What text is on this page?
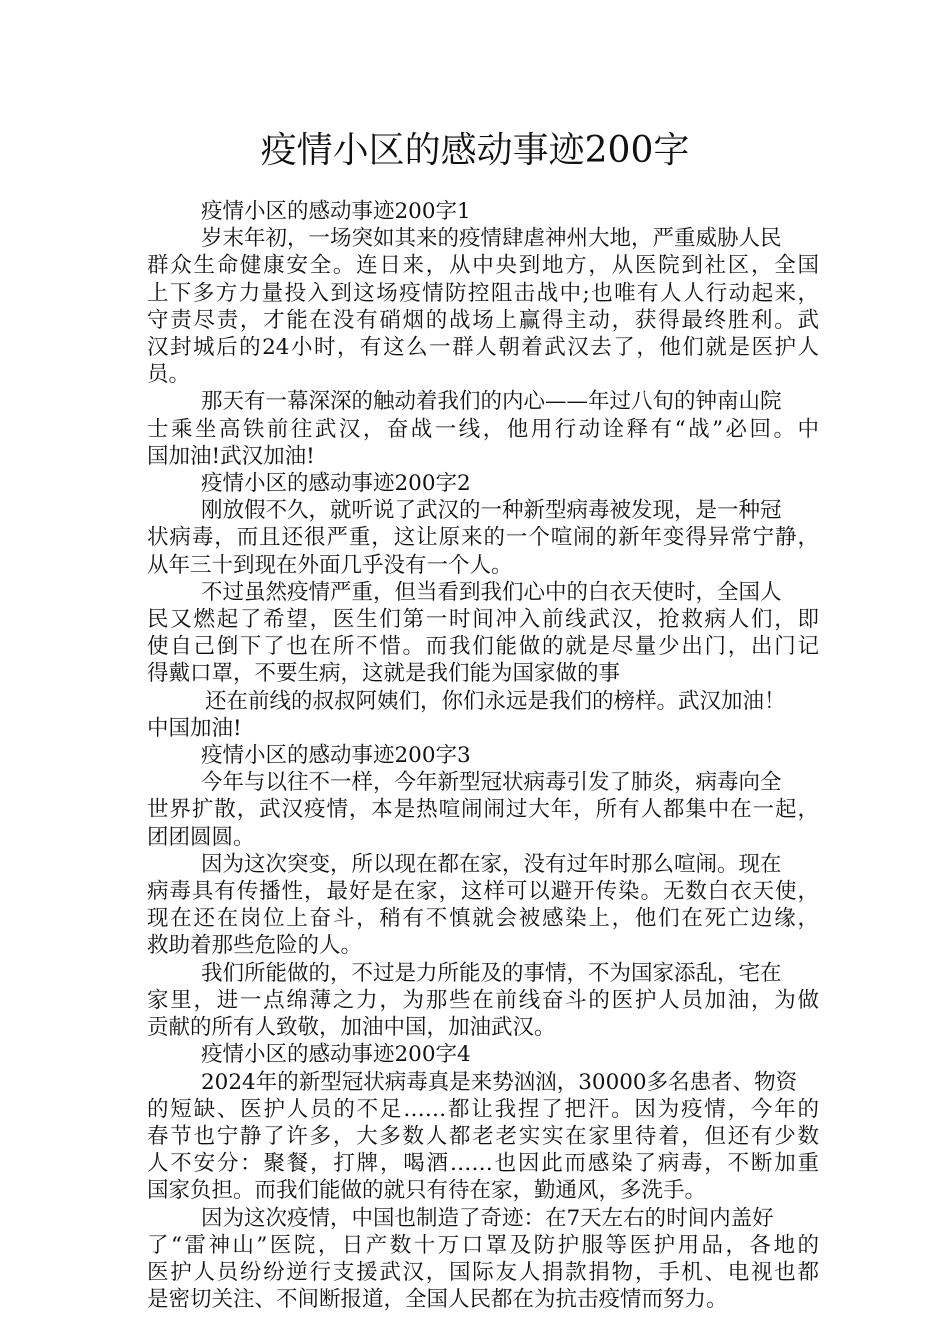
疫情小区的感动事迹200字

疫情小区的感动事迹200字1

岁末年初，一场突如其来的疫情肆虐神州大地，严重威胁人民

群众生命健康安全。连日来，从中央到地方，从医院到社区，全国

上下多方力量投入到这场疫情防控阻击战中;也唯有人人行动起来，

守责尽责，才能在没有硝烟的战场上赢得主动，获得最终胜利。武

汉封城后的24小时，有这么一群人朝着武汉去了，他们就是医护人

员。

那天有一幕深深的触动着我们的内心——年过八旬的钟南山院

士乘坐高铁前往武汉，奋战一线，他用行动诠释有“战”必回。中

国加油!武汉加油!

疫情小区的感动事迹200字2

刚放假不久，就听说了武汉的一种新型病毒被发现，是一种冠

状病毒，而且还很严重，这让原来的一个喧闹的新年变得异常宁静，

从年三十到现在外面几乎没有一个人。

不过虽然疫情严重，但当看到我们心中的白衣天使时，全国人

民又燃起了希望，医生们第一时间冲入前线武汉，抢救病人们，即

使自己倒下了也在所不惜。而我们能做的就是尽量少出门，出门记

得戴口罩，不要生病，这就是我们能为国家做的事

还在前线的叔叔阿姨们，你们永远是我们的榜样。武汉加油！

中国加油!

疫情小区的感动事迹200字3

今年与以往不一样，今年新型冠状病毒引发了肺炎，病毒向全

世界扩散，武汉疫情，本是热喧闹闹过大年，所有人都集中在一起，

团团圆圆。

因为这次突变，所以现在都在家，没有过年时那么喧闹。现在

病毒具有传播性，最好是在家，这样可以避开传染。无数白衣天使，

现在还在岗位上奋斗，稍有不慎就会被感染上，他们在死亡边缘，

救助着那些危险的人。

我们所能做的，不过是力所能及的事情，不为国家添乱，宅在

家里，进一点绵薄之力，为那些在前线奋斗的医护人员加油，为做

贡献的所有人致敬，加油中国，加油武汉。

疫情小区的感动事迹200字4

2024年的新型冠状病毒真是来势汹汹，30000多名患者、物资

的短缺、医护人员的不足……都让我捏了把汗。因为疫情，今年的

春节也宁静了许多，大多数人都老老实实在家里待着，但还有少数

人不安分：聚餐，打牌，喝酒……也因此而感染了病毒，不断加重

国家负担。而我们能做的就只有待在家，勤通风，多洗手。

因为这次疫情，中国也制造了奇迹：在7天左右的时间内盖好

了“雷神山”医院，日产数十万口罩及防护服等医护用品，各地的

医护人员纷纷逆行支援武汉，国际友人捐款捐物，手机、电视也都

是密切关注、不间断报道，全国人民都在为抗击疫情而努力。
